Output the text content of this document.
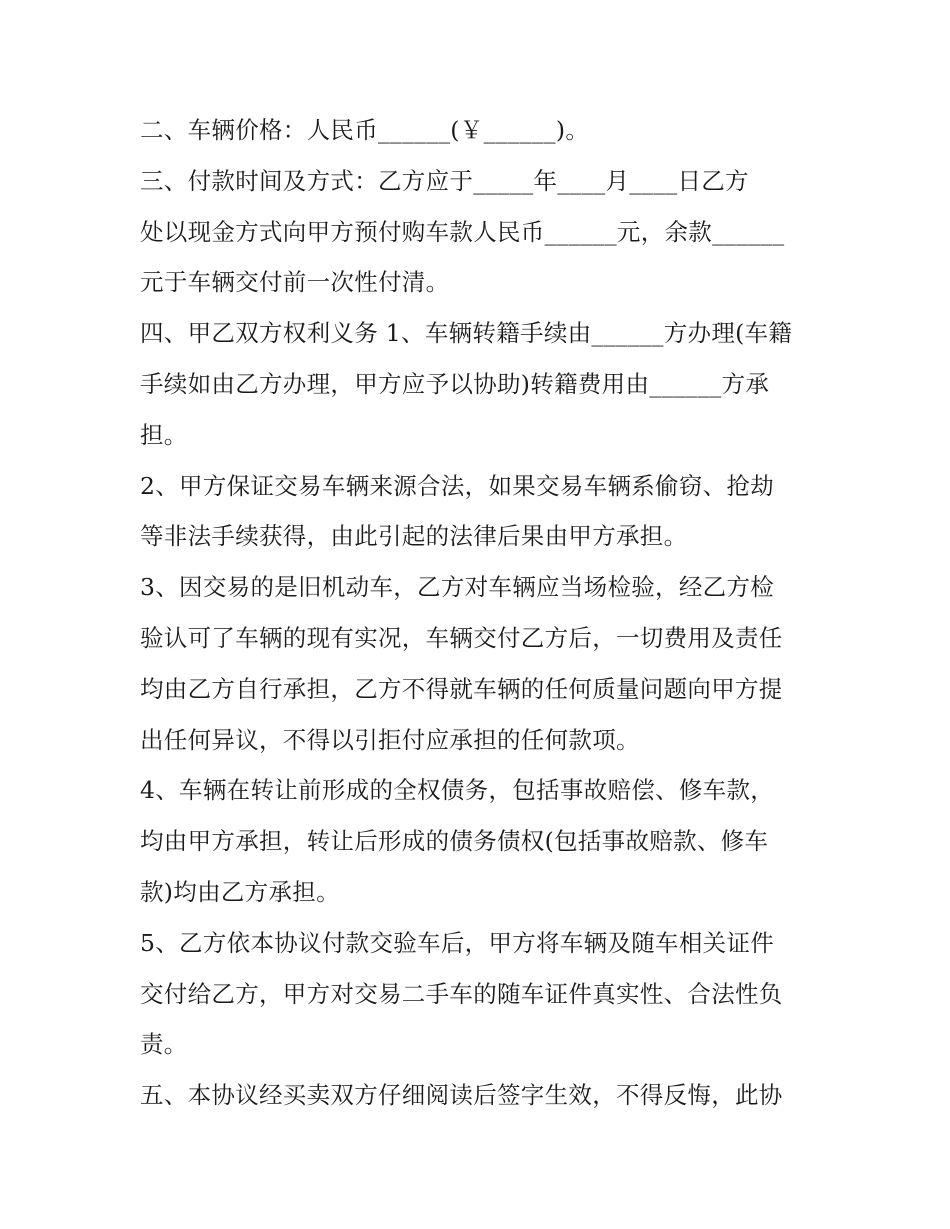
二、车辆价格：人民币______(￥______)。
三、付款时间及方式：乙方应于_____年____月____日乙方
处以现金方式向甲方预付购车款人民币______元，余款______
元于车辆交付前一次性付清。
四、甲乙双方权利义务 1、车辆转籍手续由______方办理(车籍
手续如由乙方办理，甲方应予以协助)转籍费用由______方承
担。
2、甲方保证交易车辆来源合法，如果交易车辆系偷窃、抢劫
等非法手续获得，由此引起的法律后果由甲方承担。
3、因交易的是旧机动车，乙方对车辆应当场检验，经乙方检
验认可了车辆的现有实况，车辆交付乙方后，一切费用及责任
均由乙方自行承担，乙方不得就车辆的任何质量问题向甲方提
出任何异议，不得以引拒付应承担的任何款项。
4、车辆在转让前形成的全权债务，包括事故赔偿、修车款，
均由甲方承担，转让后形成的债务债权(包括事故赔款、修车
款)均由乙方承担。
5、乙方依本协议付款交验车后，甲方将车辆及随车相关证件
交付给乙方，甲方对交易二手车的随车证件真实性、合法性负
责。
五、本协议经买卖双方仔细阅读后签字生效，不得反悔，此协
